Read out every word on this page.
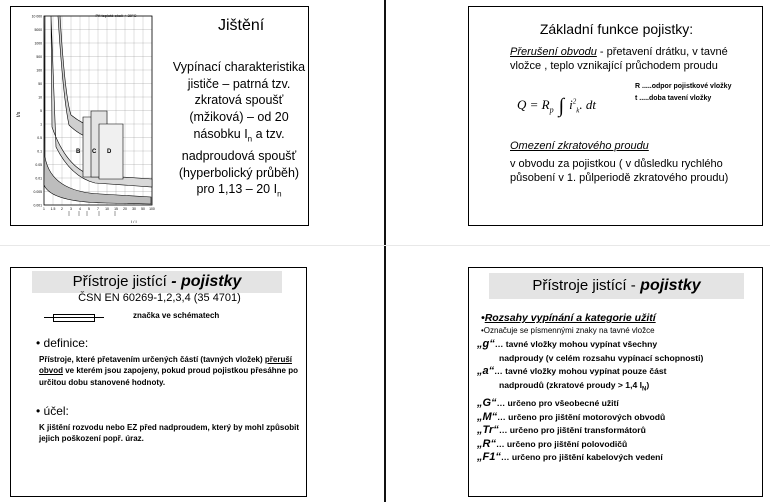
Při teplotě okolí + 30°C
B C D
10 000
5000
1000
500
100
50
10
5
1
0.5
0.1
0.05
0.01
0.005
0.001
1 1.5 2 3 4 5 7 10 15 20 30 50 100
t/s
I / I
Jištění
Vypínací charakteristika
jističe – patrná tzv.
zkratová spoušť
(mžiková) – od 20
násobku $I_n$ a tzv.
nadproudová spoušť
(hyperbolický průběh)
pro 1,13 – 20 $I_n$
Základní funkce pojistky:
Přerušení obvodu - přetavení drátku, v tavné vložce , teplo vznikající průchodem proudu
$Q = R_p$ ∫ $i^2_k$. dt
R .....odpor pojistkové vložky
t .....doba tavení vložky
Omezení zkratového proudu
v obvodu za pojistkou ( v důsledku rychlého působení v 1. půlperiodě zkratového proudu)
Přístroje jistící - pojistky
ČSN EN 60269-1,2,3,4 (35 4701)
značka ve schématech
• definice:
Přístroje, které přetavením určených částí (tavných vložek) přeruší obvod ve kterém jsou zapojeny, pokud proud pojistkou přesáhne po určitou dobu stanovené hodnoty.
• účel:
K jištění rozvodu nebo EZ před nadproudem, který by mohl způsobit jejich poškození popř. úraz.
Přístroje jistící - pojistky
•Rozsahy vypínání a kategorie užití
•Označuje se písmennými znaky na tavné vložce
„g“… tavné vložky mohou vypínat všechny
nadproudy (v celém rozsahu vypínací schopnosti)
„a“… tavné vložky mohou vypínat pouze část
nadproudů (zkratové proudy > 1,4 $I_N$)
„G“… určeno pro všeobecné užití
„M“… určeno pro jištění motorových obvodů
„Tr“… určeno pro jištění transformátorů
„R“… určeno pro jištění polovodičů
„F1“… určeno pro jištění kabelových vedení
